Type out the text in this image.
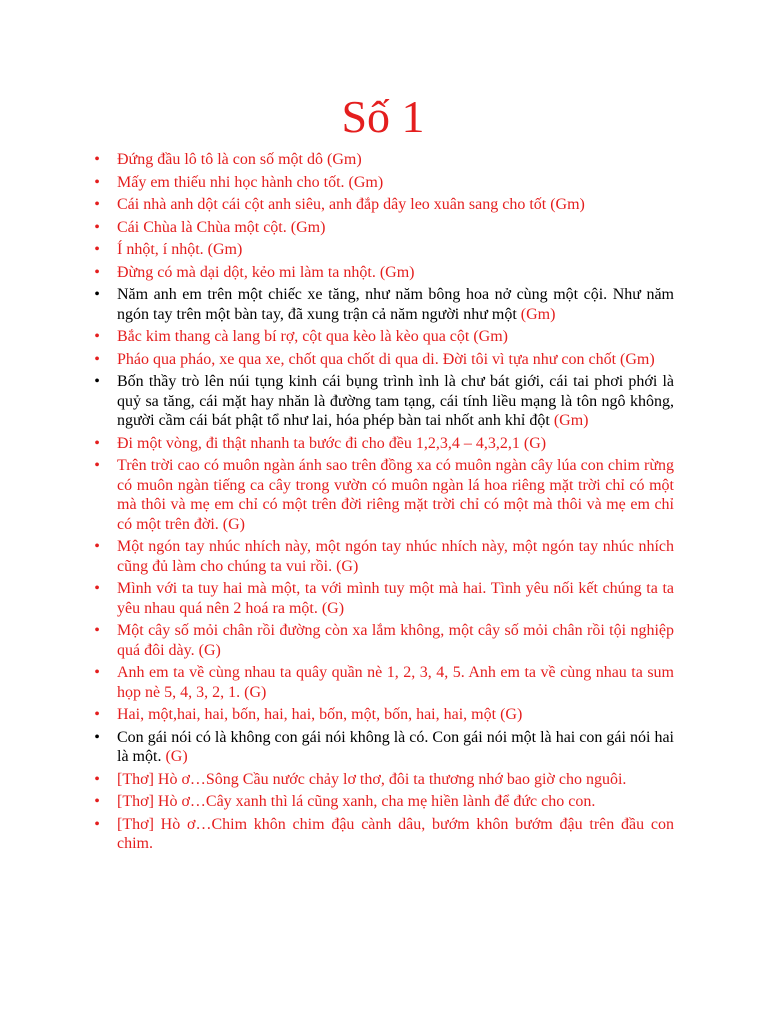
Số 1
• Đứng đầu lô tô là con số một dô (Gm)
• Mấy em thiếu nhi học hành cho tốt. (Gm)
• Cái nhà anh dột cái cột anh siêu, anh đắp dây leo xuân sang cho tốt (Gm)
• Cái Chùa là Chùa một cột. (Gm)
• Í nhột, í nhột. (Gm)
• Đừng có mà dại dột, kẻo mi làm ta nhột. (Gm)
• Năm anh em trên một chiếc xe tăng, như năm bông hoa nở cùng một cội. Như năm ngón tay trên một bàn tay, đã xung trận cả năm người như một (Gm)
• Bắc kim thang cà lang bí rợ, cột qua kèo là kèo qua cột (Gm)
• Pháo qua pháo, xe qua xe, chốt qua chốt di qua di. Đời tôi vì tựa như con chốt (Gm)
• Bốn thầy trò lên núi tụng kinh cái bụng trình ình là chư bát giới, cái tai phơi phới là quỷ sa tăng, cái mặt hay nhăn là đường tam tạng, cái tính liều mạng là tôn ngô không, người cầm cái bát phật tổ như lai, hóa phép bàn tai nhốt anh khỉ đột (Gm)
• Đi một vòng, đi thật nhanh ta bước đi cho đều 1,2,3,4 – 4,3,2,1 (G)
• Trên trời cao có muôn ngàn ánh sao trên đồng xa có muôn ngàn cây lúa con chim rừng có muôn ngàn tiếng ca cây trong vườn có muôn ngàn lá hoa riêng mặt trời chỉ có một mà thôi và mẹ em chỉ có một trên đời riêng mặt trời chỉ có một mà thôi và mẹ em chỉ có một trên đời. (G)
• Một ngón tay nhúc nhích này, một ngón tay nhúc nhích này, một ngón tay nhúc nhích cũng đủ làm cho chúng ta vui rồi. (G)
• Mình với ta tuy hai mà một, ta với mình tuy một mà hai. Tình yêu nối kết chúng ta ta yêu nhau quá nên 2 hoá ra một. (G)
• Một cây số mỏi chân rồi đường còn xa lắm không, một cây số mỏi chân rồi tội nghiệp quá đôi dày. (G)
• Anh em ta về cùng nhau ta quây quần nè 1, 2, 3, 4, 5. Anh em ta về cùng nhau ta sum họp nè 5, 4, 3, 2, 1. (G)
• Hai, một,hai, hai, bốn, hai, hai, bốn, một, bốn, hai, hai, một (G)
• Con gái nói có là không con gái nói không là có. Con gái nói một là hai con gái nói hai là một. (G)
• [Thơ] Hò ơ…Sông Cầu nước chảy lơ thơ, đôi ta thương nhớ bao giờ cho nguôi.
• [Thơ] Hò ơ…Cây xanh thì lá cũng xanh, cha mẹ hiền lành để đức cho con.
• [Thơ] Hò ơ…Chim khôn chim đậu cành dâu, bướm khôn bướm đậu trên đầu con chim.
